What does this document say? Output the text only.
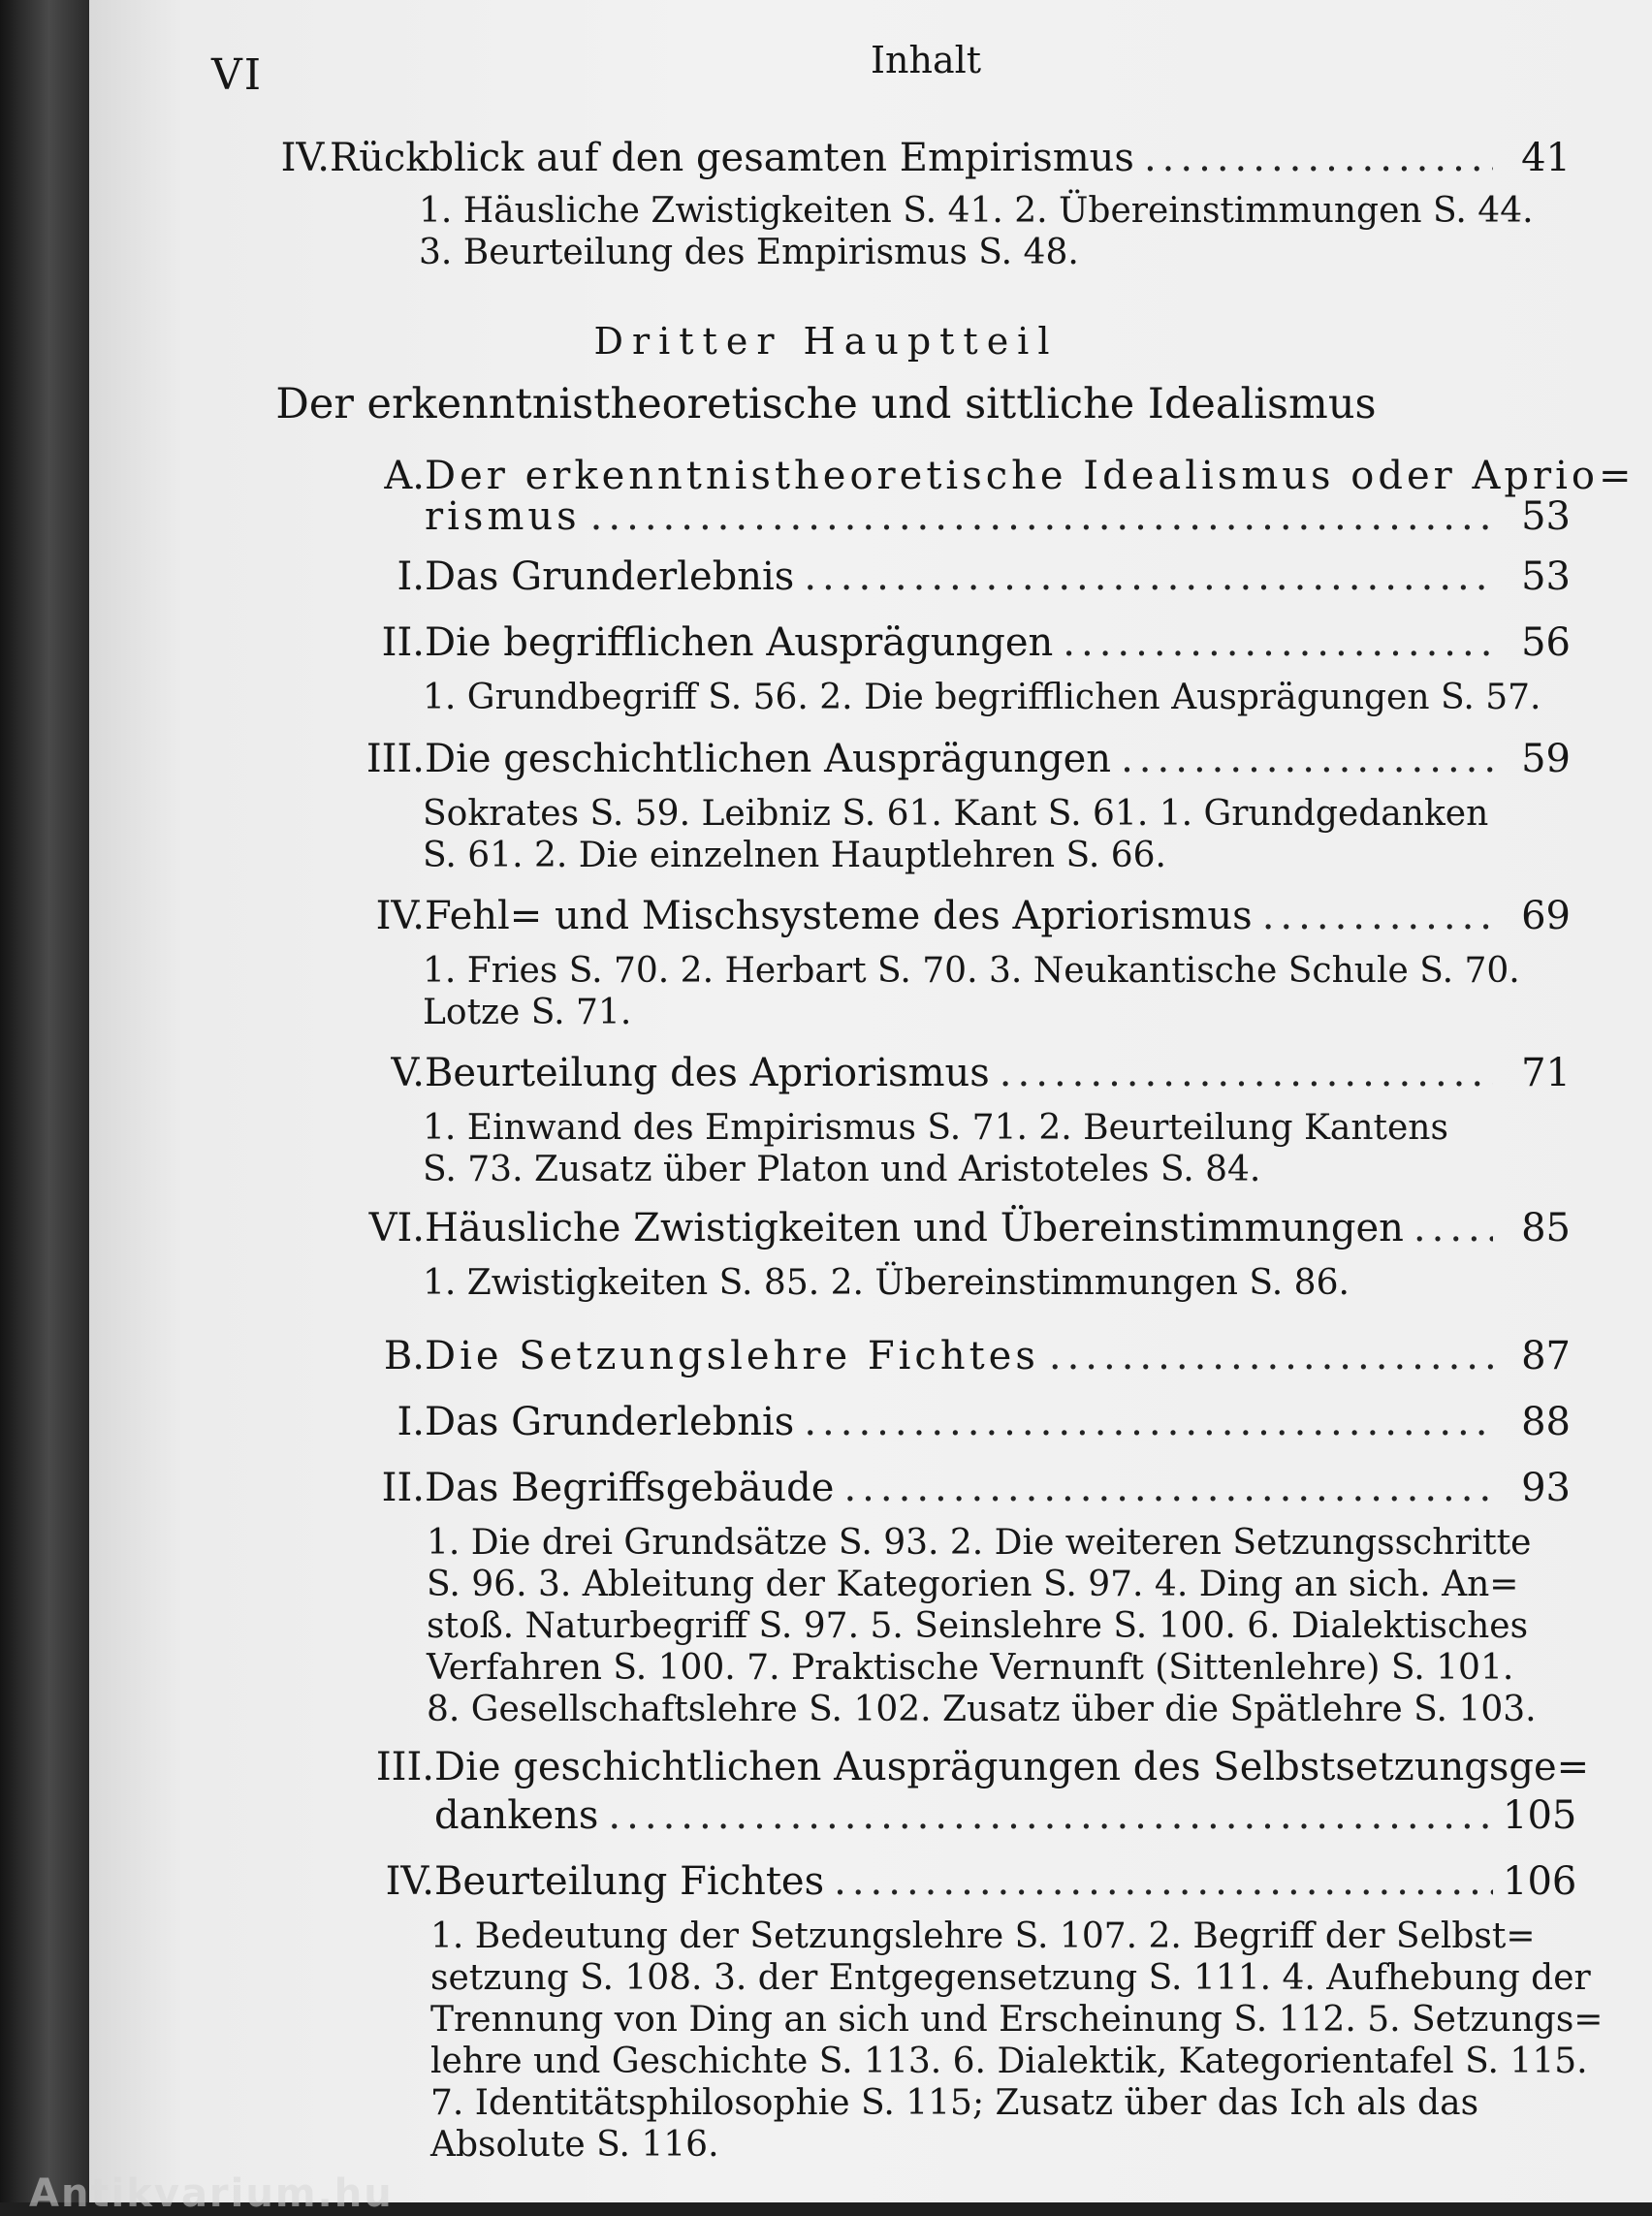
VI	Inhalt
IV. Rückblick auf den gesamten Empirismus .....	41
1. Häusliche Zwistigkeiten S. 41. 2. Übereinstimmungen S. 44.
3. Beurteilung des Empirismus S. 48.
Dritter Hauptteil
Der erkenntnistheoretische und sittliche Idealismus
A. Der erkenntnistheoretische Idealismus oder Aprio=
rismus .....	53
I. Das Grunderlebnis .....	53
II. Die begrifflichen Ausprägungen .....	56
1. Grundbegriff S. 56. 2. Die begrifflichen Ausprägungen S. 57.
III. Die geschichtlichen Ausprägungen .....	59
Sokrates S. 59. Leibniz S. 61. Kant S. 61. 1. Grundgedanken
S. 61. 2. Die einzelnen Hauptlehren S. 66.
IV. Fehl= und Mischsysteme des Apriorismus .....	69
1. Fries S. 70. 2. Herbart S. 70. 3. Neukantische Schule S. 70.
Lotze S. 71.
V. Beurteilung des Apriorismus .....	71
1. Einwand des Empirismus S. 71. 2. Beurteilung Kantens
S. 73. Zusatz über Platon und Aristoteles S. 84.
VI. Häusliche Zwistigkeiten und Übereinstimmungen .....	85
1. Zwistigkeiten S. 85. 2. Übereinstimmungen S. 86.
B. Die Setzungslehre Fichtes .....	87
I. Das Grunderlebnis .....	88
II. Das Begriffsgebäude .....	93
1. Die drei Grundsätze S. 93. 2. Die weiteren Setzungsschritte
S. 96. 3. Ableitung der Kategorien S. 97. 4. Ding an sich. An=
stoß. Naturbegriff S. 97. 5. Seinslehre S. 100. 6. Dialektisches
Verfahren S. 100. 7. Praktische Vernunft (Sittenlehre) S. 101.
8. Gesellschaftslehre S. 102. Zusatz über die Spätlehre S. 103.
III. Die geschichtlichen Ausprägungen des Selbstsetzungsge=
dankens .....	105
IV. Beurteilung Fichtes .....	106
1. Bedeutung der Setzungslehre S. 107. 2. Begriff der Selbst=
setzung S. 108. 3. der Entgegensetzung S. 111. 4. Aufhebung der
Trennung von Ding an sich und Erscheinung S. 112. 5. Setzungs=
lehre und Geschichte S. 113. 6. Dialektik, Kategorientafel S. 115.
7. Identitätsphilosophie S. 115; Zusatz über das Ich als das
Absolute S. 116.
Antikvarium.hu
